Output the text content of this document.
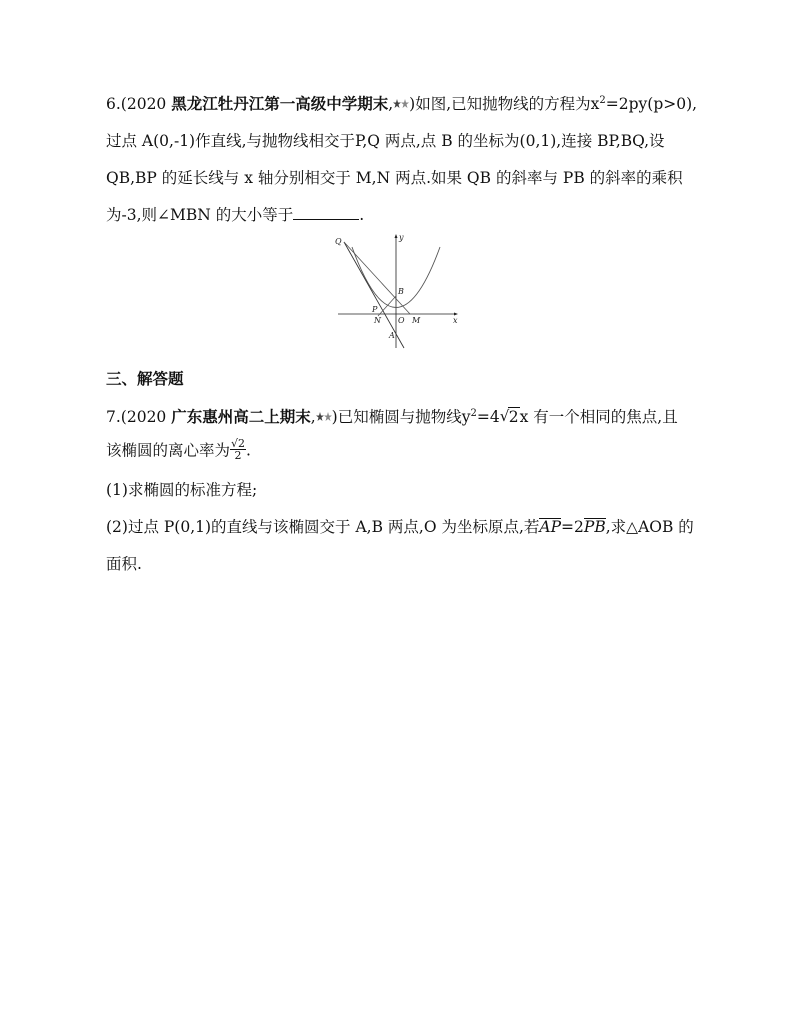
6.(2020 黑龙江牡丹江第一高级中学期末, )如图,已知抛物线的方程为$x^2=2py(p>0)$,
过点 A(0,-1)作直线,与抛物线相交于P,Q 两点,点 B 的坐标为(0,1),连接 BP,BQ,设
QB,BP 的延长线与 x 轴分别相交于 M,N 两点.如果 QB 的斜率与 PB 的斜率的乘积
为-3,则∠MBN 的大小等于	.
Q
B
P
N O M
A
x
y
三、解答题
7.(2020 广东惠州高二上期末, )已知椭圆与抛物线$y^2=4$ √ 2x 有一个相同的焦点,且
该椭圆的离心率为 $\frac{√2}{2}$ .
(1)求椭圆的标准方程;
(2)过点 P(0,1)的直线与该椭圆交于 A,B 两点,O 为坐标原点,若AP=2PB,求△AOB 的
面积.
